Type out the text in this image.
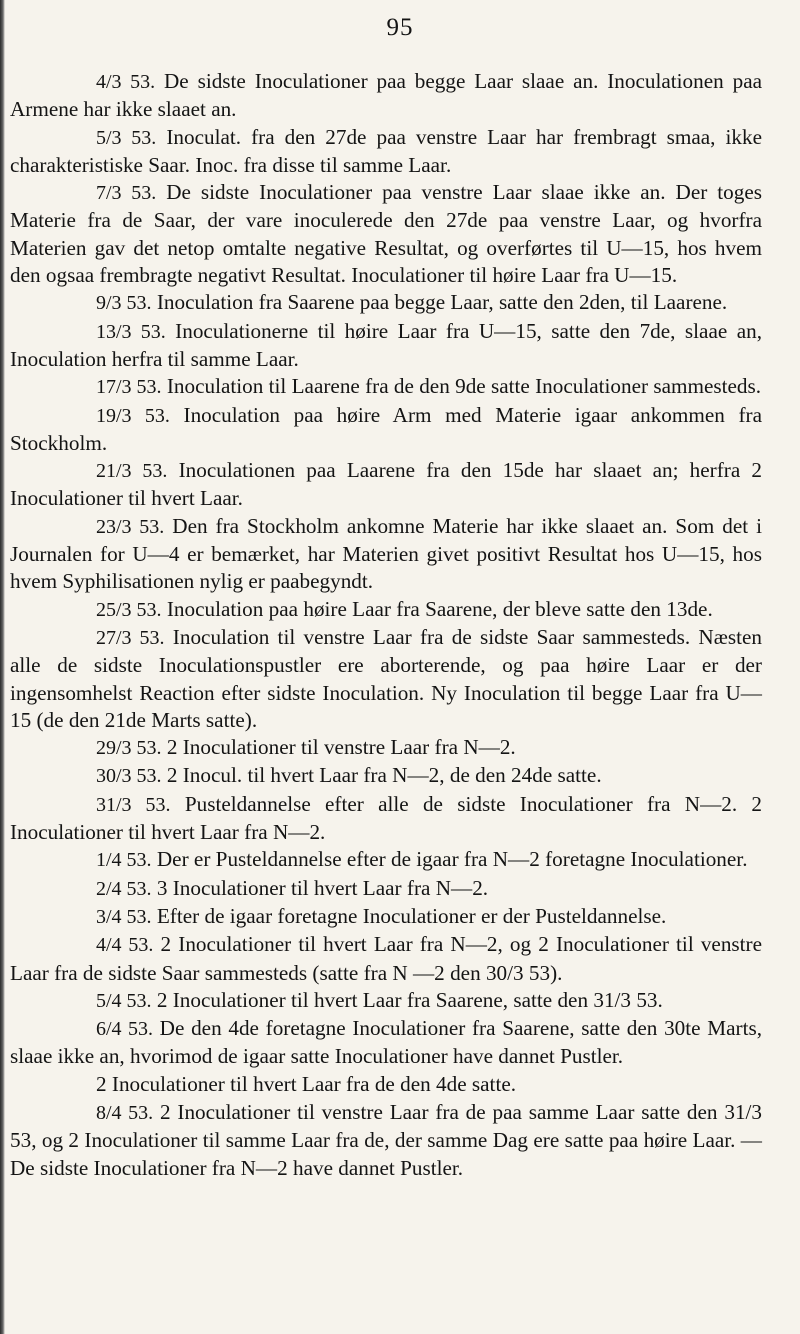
95

4/3 53. De sidste Inoculationer paa begge Laar slaae an. Inoculationen paa Armene har ikke slaaet an.

5/3 53. Inoculat. fra den 27de paa venstre Laar har frembragt smaa, ikke charakteristiske Saar. Inoc. fra disse til samme Laar.

7/3 53. De sidste Inoculationer paa venstre Laar slaae ikke an. Der toges Materie fra de Saar, der vare inoculerede den 27de paa venstre Laar, og hvorfra Materien gav det netop omtalte negative Resultat, og overførtes til U—15, hos hvem den ogsaa frembragte negativt Resultat. Inoculationer til høire Laar fra U—15.

9/3 53. Inoculation fra Saarene paa begge Laar, satte den 2den, til Laarene.

13/3 53. Inoculationerne til høire Laar fra U—15, satte den 7de, slaae an, Inoculation herfra til samme Laar.

17/3 53. Inoculation til Laarene fra de den 9de satte Inoculationer sammesteds.

19/3 53. Inoculation paa høire Arm med Materie igaar ankommen fra Stockholm.

21/3 53. Inoculationen paa Laarene fra den 15de har slaaet an; herfra 2 Inoculationer til hvert Laar.

23/3 53. Den fra Stockholm ankomne Materie har ikke slaaet an. Som det i Journalen for U—4 er bemærket, har Materien givet positivt Resultat hos U—15, hos hvem Syphilisationen nylig er paabegyndt.

25/3 53. Inoculation paa høire Laar fra Saarene, der bleve satte den 13de.

27/3 53. Inoculation til venstre Laar fra de sidste Saar sammesteds. Næsten alle de sidste Inoculationspustler ere aborterende, og paa høire Laar er der ingensomhelst Reaction efter sidste Inoculation. Ny Inoculation til begge Laar fra U—15 (de den 21de Marts satte).

29/3 53. 2 Inoculationer til venstre Laar fra N—2.

30/3 53. 2 Inocul. til hvert Laar fra N—2, de den 24de satte.

31/3 53. Pusteldannelse efter alle de sidste Inoculationer fra N—2. 2 Inoculationer til hvert Laar fra N—2.

1/4 53. Der er Pusteldannelse efter de igaar fra N—2 foretagne Inoculationer.

2/4 53. 3 Inoculationer til hvert Laar fra N—2.

3/4 53. Efter de igaar foretagne Inoculationer er der Pusteldannelse.

4/4 53. 2 Inoculationer til hvert Laar fra N—2, og 2 Inoculationer til venstre Laar fra de sidste Saar sammesteds (satte fra N —2 den 30/3 53).

5/4 53. 2 Inoculationer til hvert Laar fra Saarene, satte den 31/3 53.

6/4 53. De den 4de foretagne Inoculationer fra Saarene, satte den 30te Marts, slaae ikke an, hvorimod de igaar satte Inoculationer have dannet Pustler.

2 Inoculationer til hvert Laar fra de den 4de satte.

8/4 53. 2 Inoculationer til venstre Laar fra de paa samme Laar satte den 31/3 53, og 2 Inoculationer til samme Laar fra de, der samme Dag ere satte paa høire Laar. — De sidste Inoculationer fra N—2 have dannet Pustler.
